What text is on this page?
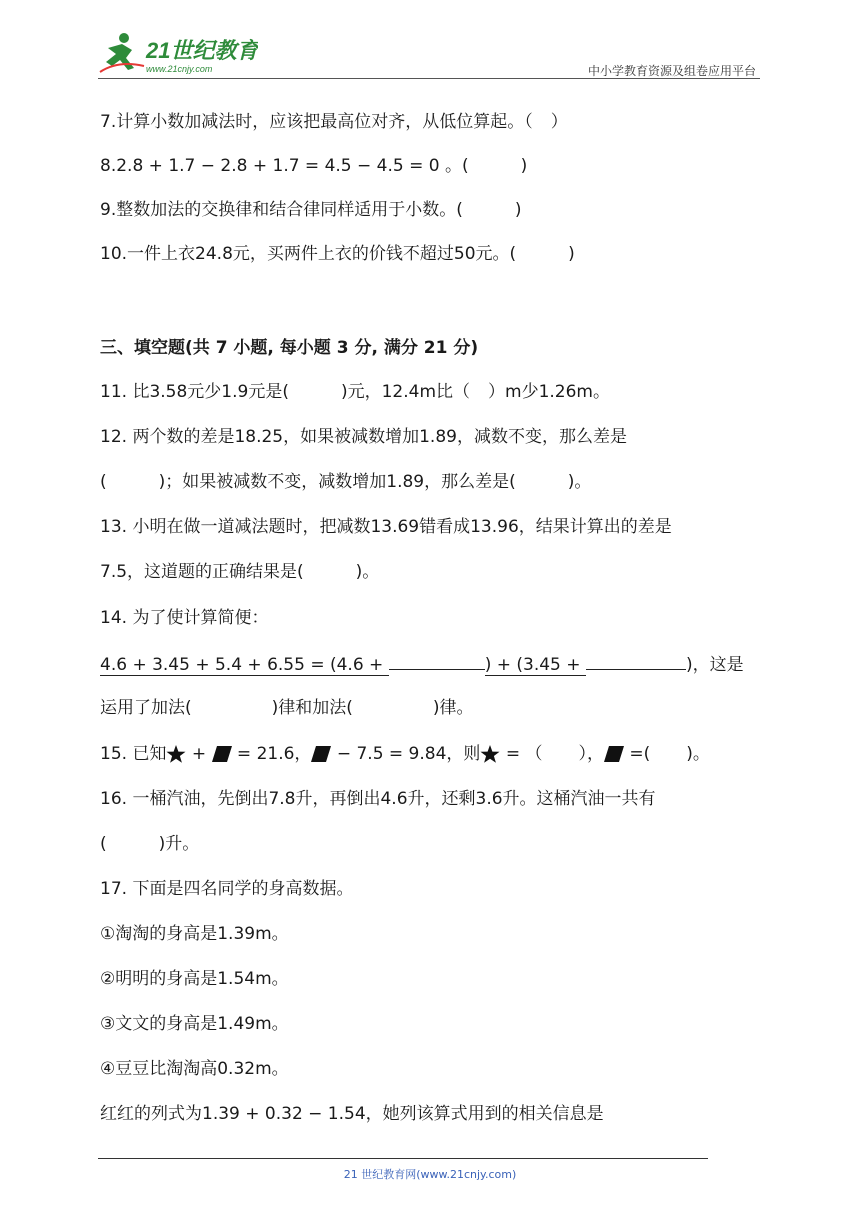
21世纪教育
www.21cnjy.com	中小学教育资源及组卷应用平台
7.计算小数加减法时，应该把最高位对齐，从低位算起。（ ）
8.2.8 + 1.7 − 2.8 + 1.7 = 4.5 − 4.5 = 0 。(	)
9.整数加法的交换律和结合律同样适用于小数。(	)
10.一件上衣24.8元，买两件上衣的价钱不超过50元。(	)
三、填空题(共 7 小题, 每小题 3 分, 满分 21 分)
11. 比3.58元少1.9元是(	)元，12.4m比（ ）m少1.26m。
12. 两个数的差是18.25，如果被减数增加1.89，减数不变，那么差是
(	)；如果被减数不变，减数增加1.89，那么差是(	)。
13. 小明在做一道减法题时，把减数13.69错看成13.96，结果计算出的差是
7.5，这道题的正确结果是(	)。
14. 为了使计算简便：
4.6 + 3.45 + 5.4 + 6.55 = (4.6 +	) + (3.45 +	)，这是
运用了加法(	)律和加法(	)律。
15. 已知 +  = 21.6， − 7.5 = 9.84，则 = （ ）， =( )。
16. 一桶汽油，先倒出7.8升，再倒出4.6升，还剩3.6升。这桶汽油一共有
(	)升。
17. 下面是四名同学的身高数据。
①淘淘的身高是1.39m。
②明明的身高是1.54m。
③文文的身高是1.49m。
④豆豆比淘淘高0.32m。
红红的列式为1.39 + 0.32 − 1.54，她列该算式用到的相关信息是
21 世纪教育网(www.21cnjy.com)
